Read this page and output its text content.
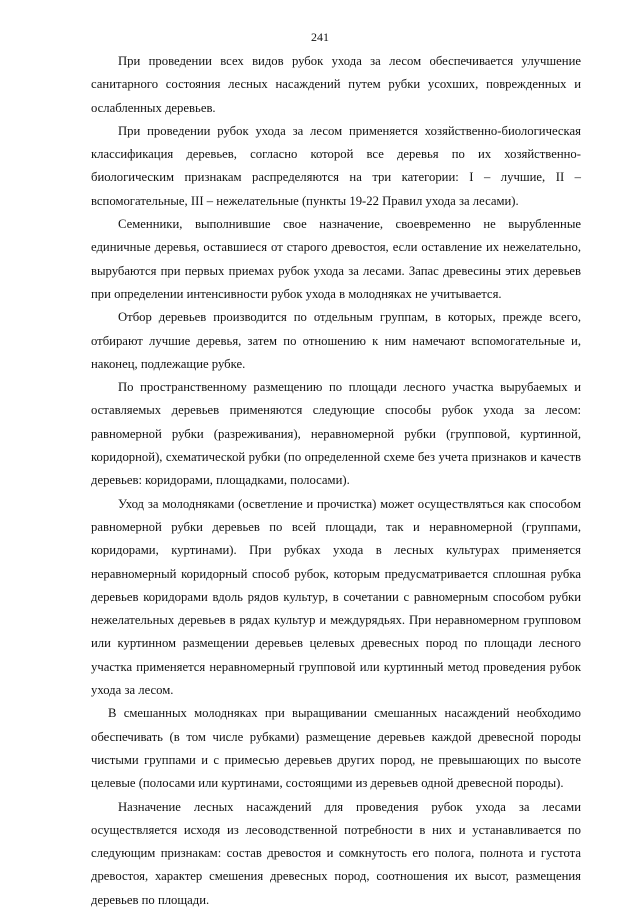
241

При проведении всех видов рубок ухода за лесом обеспечивается улучшение санитарного состояния лесных насаждений путем рубки усохших, поврежденных и ослабленных деревьев.

При проведении рубок ухода за лесом применяется хозяйственно-биологическая классификация деревьев, согласно которой все деревья по их хозяйственно-биологическим признакам распределяются на три категории: I – лучшие, II – вспомогательные, III – нежелательные (пункты 19-22 Правил ухода за лесами).

Семенники, выполнившие свое назначение, своевременно не вырубленные единичные деревья, оставшиеся от старого древостоя, если оставление их нежелательно, вырубаются при первых приемах рубок ухода за лесами. Запас древесины этих деревьев при определении интенсивности рубок ухода в молодняках не учитывается.

Отбор деревьев производится по отдельным группам, в которых, прежде всего, отбирают лучшие деревья, затем по отношению к ним намечают вспомогательные и, наконец, подлежащие рубке.

По пространственному размещению по площади лесного участка вырубаемых и оставляемых деревьев применяются следующие способы рубок ухода за лесом: равномерной рубки (разреживания), неравномерной рубки (групповой, куртинной, коридорной), схематической рубки (по определенной схеме без учета признаков и качеств деревьев: коридорами, площадками, полосами).

Уход за молодняками (осветление и прочистка) может осуществляться как способом равномерной рубки деревьев по всей площади, так и неравномерной (группами, коридорами, куртинами). При рубках ухода в лесных культурах применяется неравномерный коридорный способ рубок, которым предусматривается сплошная рубка деревьев коридорами вдоль рядов культур, в сочетании с равномерным способом рубки нежелательных деревьев в рядах культур и междурядьях. При неравномерном групповом или куртинном размещении деревьев целевых древесных пород по площади лесного участка применяется неравномерный групповой или куртинный метод проведения рубок ухода за лесом.

В смешанных молодняках при выращивании смешанных насаждений необходимо обеспечивать (в том числе рубками) размещение деревьев каждой древесной породы чистыми группами и с примесью деревьев других пород, не превышающих по высоте целевые (полосами или куртинами, состоящими из деревьев одной древесной породы).

Назначение лесных насаждений для проведения рубок ухода за лесами осуществляется исходя из лесоводственной потребности в них и устанавливается по следующим признакам: состав древостоя и сомкнутость его полога, полнота и густота древостоя, характер смешения древесных пород, соотношения их высот, размещения деревьев по площади.
